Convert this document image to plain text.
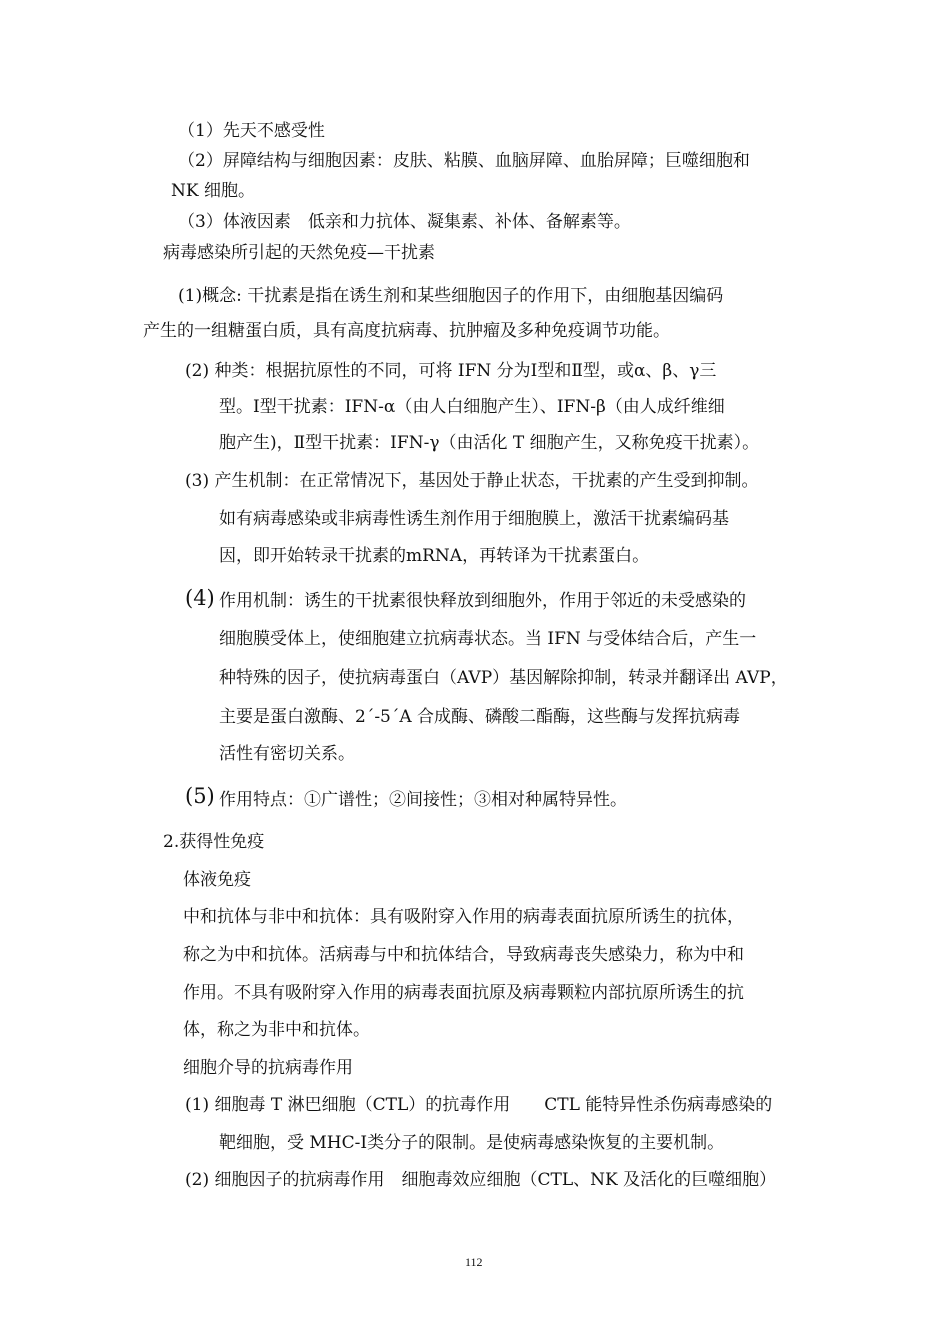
（1）先天不感受性
（2）屏障结构与细胞因素：皮肤、粘膜、血脑屏障、血胎屏障；巨噬细胞和
NK 细胞。
（3）体液因素　低亲和力抗体、凝集素、补体、备解素等。
病毒感染所引起的天然免疫—干扰素
(1)概念: 干扰素是指在诱生剂和某些细胞因子的作用下，由细胞基因编码
产生的一组糖蛋白质，具有高度抗病毒、抗肿瘤及多种免疫调节功能。
(2) 种类：根据抗原性的不同，可将 IFN 分为Ⅰ型和Ⅱ型，或α、β、γ三
型。Ⅰ型干扰素：IFN-α（由人白细胞产生）、IFN-β（由人成纤维细
胞产生)，Ⅱ型干扰素：IFN-γ（由活化 T 细胞产生，又称免疫干扰素）。
(3) 产生机制：在正常情况下，基因处于静止状态，干扰素的产生受到抑制。
如有病毒感染或非病毒性诱生剂作用于细胞膜上，激活干扰素编码基
因，即开始转录干扰素的mRNA，再转译为干扰素蛋白。
(4) 作用机制：诱生的干扰素很快释放到细胞外，作用于邻近的未受感染的
细胞膜受体上，使细胞建立抗病毒状态。当 IFN 与受体结合后，产生一
种特殊的因子，使抗病毒蛋白（AVP）基因解除抑制，转录并翻译出 AVP，
主要是蛋白激酶、2´-5´A 合成酶、磷酸二酯酶，这些酶与发挥抗病毒
活性有密切关系。
(5) 作用特点：①广谱性；②间接性；③相对种属特异性。
2.获得性免疫
体液免疫
中和抗体与非中和抗体：具有吸附穿入作用的病毒表面抗原所诱生的抗体，
称之为中和抗体。活病毒与中和抗体结合，导致病毒丧失感染力，称为中和
作用。不具有吸附穿入作用的病毒表面抗原及病毒颗粒内部抗原所诱生的抗
体，称之为非中和抗体。
细胞介导的抗病毒作用
(1) 细胞毒 T 淋巴细胞（CTL）的抗毒作用　　CTL 能特异性杀伤病毒感染的
靶细胞，受 MHC-Ⅰ类分子的限制。是使病毒感染恢复的主要机制。
(2) 细胞因子的抗病毒作用　细胞毒效应细胞（CTL、NK 及活化的巨噬细胞）
112
